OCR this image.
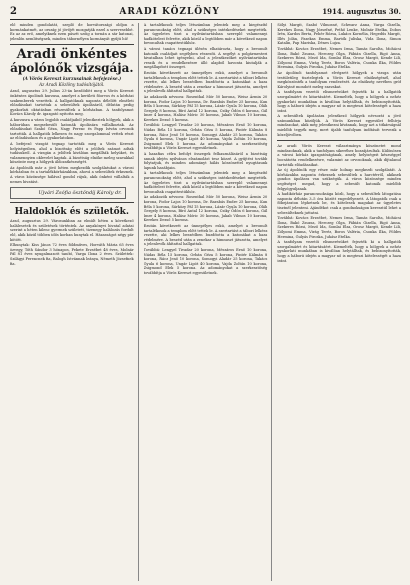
2	ARADI KÖZLÖNY	1914. augusztus 30.

elő minden gondolatát, szeplő de horvátországi oldjon a kormánkatmét, az ország jó jövőjét mozgatják ezzel a szervesebbé. Ez az az erő, amelyiknek ezen pásztt szóig a tornán a sár katonai, jelenlőn nemlitségnek, minden tábornélyen kormányát gyűjti hű!

Aradi önkéntes

ápolónők vizsgája.

(A Vörös Kereszt kurzusainak befejezése.)

Az Aradi Közlöny tudósítójától.

Arad, augusztus 29. Julius 23-án kezdődött meg a Vörös Kereszt önkéntes ápolónői kurzusa, amelyet a kerületi főorvos és a kórházi szakemberek vezettek. A hallgatóknak naponta délelőtt elméleti előadásokat tartottak a sebesültek ápolásáról, délután pedig gyakorlati oktatásban részesültek a kórházban. A tanfolyamot Kovács Károly dr. igazgató nyitotta meg.

A kurzusra a város legjobb családjaiból jelentkeztek hölgyek, akik a háborúban megsebesült katonák ápolására vállalkoztak. Az előadásokat Szabó Géza, Nagy Ferenc és Papp István orvosok tartották. A hallgatók lelkesen és nagy szorgalommal vettek részt az előadásokon és a gyakorlatokon.

A befejező vizsgát tegnap tartották meg a Vörös Kereszt helyiségeiben, ahol a bizottság előtt a jelöltek számot adtak tudásukról. A vizsgán a jelöltek kiválóan megállták helyüket, és valamennyien oklevelet kaptak. A bizottság elnöke meleg szavakkal köszönte meg a hölgyek áldozatkészségét.

Az ápolónők már a jövő héten megkezdik szolgálatukat a városi kórházban és a tartalékkórházakban, ahová a sebesültek érkeznek. A város közönsége hálával gondol rájuk, akik önként vállalták a nemes hivatást.

Ujvári Zsófia ösztöndíj Károly dr.

Haldoklók és születők.

Arad, augusztus 29. Városunkban az elmúlt héten a következő halálesetek és születések történtek. Az anyakönyvi hivatal adatai szerint a héten kilenc gyermek született, tizenegy halálozás fordult elő, akik közül többen idős korban hunytak el. Házasságot négy pár kötött.

Elhunytak: Kiss János 72 éves földműves, Horváth Mária 65 éves özvegy, Tóth Sándor 3 hónapos, Fekete Erzsébet 48 éves, Molnár Pál 81 éves nyugalmazott tanító, Varga Ilona 2 éves. Születtek: Szilágyi Ferencnek fia, Balogh Istvánnak leánya, Németh Józsefnek fia.

A tartalékosok teljes létszámban jelentek meg a kiegészítő parancsnokság előtt, ahol a szükséges intézkedéseket megtették. Az ügyeletes tiszt a nyilvántartásban szereplő valamennyi hadkötelest felvette, akik közül a legtöbben már a következő napon bevonultak csapattestükhöz.

A városi tanács tegnapi ülésén elhatározta, hogy a bevonult katonák családjait segélyben részesíti. A segélyt a polgármesteri hivatalban lehet igényelni, ahol a jelentkezőket nyilvántartásba veszik és a rendelkezésre álló alapból havonta kiutalják a megállapított összeget.

Ezután következett az ünnepélyes eskü, amelyet a bevonult tartalékosok a templom előtt tettek le. A szertartást a tábori lelkész vezette, aki lelkes beszédben buzdította a katonákat a haza védelmére. A beszéd után a zenekar a himnuszt játszotta, amelyet a jelenlevők áhítattal hallgattak.

Az adakozók névsora: Rosenthal Mór 50 korona, Weisz Ármin 20 korona, Fodor Lajos 10 korona, Dr. Barabás Endre 25 korona, Kun Béla 5 korona, Sárközy Pál 15 korona, Lázár Gyula 10 korona, Oláh Gergely 8 korona, Bíró Antal 12 korona, Csiky Ödön 6 korona, Gál Imre 4 korona, Halász Móric 30 korona, Jakab Vilmos 10 korona, Kerekes Dezső 5 korona.

Továbbá: Lengyel Tivadar 20 korona, Mészáros Ernő 10 korona, Nádas Béla 15 korona, Orbán Géza 5 korona, Pintér Kálmán 8 korona, Rácz Jenő 10 korona, Somogyi Aladár 25 korona, Takács Gyula 6 korona, Ungár Lipót 40 korona, Vajda Zoltán 10 korona, Zsigmond Elek 5 korona. Az adományokat a szerkesztőség továbbítja a Vörös Kereszt egyesületnek.

A hazafias célra befolyt összegek felhasználásáról a bizottság annak idején nyilvános elszámolást tesz közzé. A gyűjtést tovább folytatjuk, és minden adományt hálás köszönettel nyugtázunk lapunk hasábjain.

A tartalékosok teljes létszámban jelentek meg a kiegészítő parancsnokság előtt, ahol a szükséges intézkedéseket megtették. Az ügyeletes tiszt a nyilvántartásban szereplő valamennyi hadkötelest felvette, akik közül a legtöbben már a következő napon bevonultak csapattestükhöz.

Az adakozók névsora: Rosenthal Mór 50 korona, Weisz Ármin 20 korona, Fodor Lajos 10 korona, Dr. Barabás Endre 25 korona, Kun Béla 5 korona, Sárközy Pál 15 korona, Lázár Gyula 10 korona, Oláh Gergely 8 korona, Bíró Antal 12 korona, Csiky Ödön 6 korona, Gál Imre 4 korona, Halász Móric 30 korona, Jakab Vilmos 10 korona, Kerekes Dezső 5 korona.

Ezután következett az ünnepélyes eskü, amelyet a bevonult tartalékosok a templom előtt tettek le. A szertartást a tábori lelkész vezette, aki lelkes beszédben buzdította a katonákat a haza védelmére. A beszéd után a zenekar a himnuszt játszotta, amelyet a jelenlevők áhítattal hallgattak.

Továbbá: Lengyel Tivadar 20 korona, Mészáros Ernő 10 korona, Nádas Béla 15 korona, Orbán Géza 5 korona, Pintér Kálmán 8 korona, Rácz Jenő 10 korona, Somogyi Aladár 25 korona, Takács Gyula 6 korona, Ungár Lipót 40 korona, Vajda Zoltán 10 korona, Zsigmond Elek 5 korona. Az adományokat a szerkesztőség továbbítja a Vörös Kereszt egyesületnek.

Sólyi Margit, Szabó Vilmosné, Schwarz Anna, Varga Gizella, Kerekes Ilona, Nagy Józsefné, Pethő Lenke, Molnár Etelka, Dobos Irén, Kardos Berta, Fehér Rózsa, Lukács Kornélia, Hegedűs Margit, Illés Jolán, Fazekas Emma, Bartók Juliska, Vida Ilona, Simon Katalin, Pap Mariska, Dénes Lujza.

Továbbá: Kovács Erzsébet, Nemes Irma, Tamás Sarolta, Mohácsi Ilona, Bakó Zsuzsa, Herczeg Olga, Fábián Gizella, Rigó Anna, Szekeres Rózsi, Mező Ida, Somlai Elza, Orosz Margit, Kende Lili, Zólyomi Emma, Virág Teréz, Boros Valéria, Csonka Ilka, Földes Hermina, Gulyás Piroska, Juhász Etelka.

Az ápolónői tanfolyamot elvégzett hölgyek a vizsga után testületileg tisztelegtek a Vörös Kereszt elnökségénél, ahol megköszönték a tanfolyam rendezését. Az elnökség nevében gróf Károlyiné mondott meleg szavakat.

A tanfolyam vezetői elismerésüket fejezték ki a hallgatók szorgalmáért és kitartásáért. Kiemelték, hogy a hölgyek a nehéz gyakorlati munkában is kiválóan helytálltak, és bebizonyították, hogy a háború idején a magyar nő is megteszi kötelességét a haza iránt.

A sebesültek ápolására jelentkező hölgyek névsorát a jövő számunkban közöljük. A Vörös Kereszt egyesület felhívja mindazokat, akik még jelentkezni kívánnak, hogy azt a titkárságnál mielőbb tegyék meg, mert újabb tanfolyam indítását tervezik a közeljövőben.

Az aradi Vörös Kereszt választmánya köszönetet mond mindazoknak, akik a tanfolyam sikeréhez hozzájárultak. Különösen a városi kórház igazgatóságának, amely helyiségeit készséggel bocsátotta rendelkezésre, valamint az orvosoknak, akik díjtalanul tartották előadásaikat.

Az új ápolónők egy része már holnap megkezdi szolgálatát. A kórházakba naponta érkeznek sebesültek a harctérről, akiknek gondos ápolásra van szükségük. A város közönsége minden segítséget megad, hogy a sebesült katonák mielőbb felgyógyuljanak.

A hadikórház parancsnoksága közli, hogy a sebesültek látogatása naponta délután 3–5 óra között engedélyezett. A látogatók csak a főbejáraton léphetnek be, és kötelesek magukat az ügyeletes tisztnél jelenteni. Ajándékot csak a gondnokságon keresztül lehet a sebesülteknek juttatni.

Továbbá: Kovács Erzsébet, Nemes Irma, Tamás Sarolta, Mohácsi Ilona, Bakó Zsuzsa, Herczeg Olga, Fábián Gizella, Rigó Anna, Szekeres Rózsi, Mező Ida, Somlai Elza, Orosz Margit, Kende Lili, Zólyomi Emma, Virág Teréz, Boros Valéria, Csonka Ilka, Földes Hermina, Gulyás Piroska, Juhász Etelka.

A tanfolyam vezetői elismerésüket fejezték ki a hallgatók szorgalmáért és kitartásáért. Kiemelték, hogy a hölgyek a nehéz gyakorlati munkában is kiválóan helytálltak, és bebizonyították, hogy a háború idején a magyar nő is megteszi kötelességét a haza iránt.
